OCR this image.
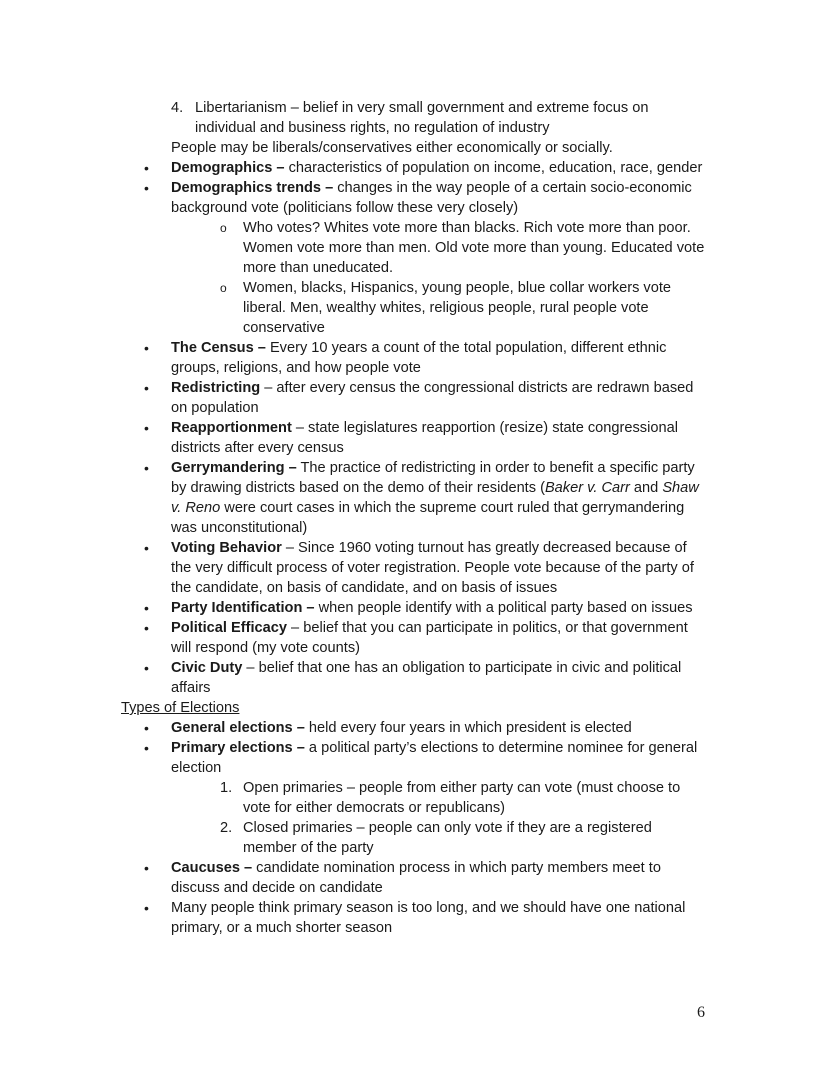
4. Libertarianism – belief in very small government and extreme focus on individual and business rights, no regulation of industry
People may be liberals/conservatives either economically or socially.
•	Demographics – characteristics of population on income, education, race, gender
•	Demographics trends – changes in the way people of a certain socio-economic background vote (politicians follow these very closely)
o	Who votes? Whites vote more than blacks. Rich vote more than poor. Women vote more than men. Old vote more than young. Educated vote more than uneducated.
o	Women, blacks, Hispanics, young people, blue collar workers vote liberal. Men, wealthy whites, religious people, rural people vote conservative
•	The Census – Every 10 years a count of the total population, different ethnic groups, religions, and how people vote
•	Redistricting – after every census the congressional districts are redrawn based on population
•	Reapportionment – state legislatures reapportion (resize) state congressional districts after every census
•	Gerrymandering – The practice of redistricting in order to benefit a specific party by drawing districts based on the demo of their residents (Baker v. Carr and Shaw v. Reno were court cases in which the supreme court ruled that gerrymandering was unconstitutional)
•	Voting Behavior – Since 1960 voting turnout has greatly decreased because of the very difficult process of voter registration. People vote because of the party of the candidate, on basis of candidate, and on basis of issues
•	Party Identification – when people identify with a political party based on issues
•	Political Efficacy – belief that you can participate in politics, or that government will respond (my vote counts)
•	Civic Duty – belief that one has an obligation to participate in civic and political affairs
Types of Elections
•	General elections – held every four years in which president is elected
•	Primary elections – a political party’s elections to determine nominee for general election
1. Open primaries – people from either party can vote (must choose to vote for either democrats or republicans)
2. Closed primaries – people can only vote if they are a registered member of the party
•	Caucuses – candidate nomination process in which party members meet to discuss and decide on candidate
•	Many people think primary season is too long, and we should have one national primary, or a much shorter season
6
